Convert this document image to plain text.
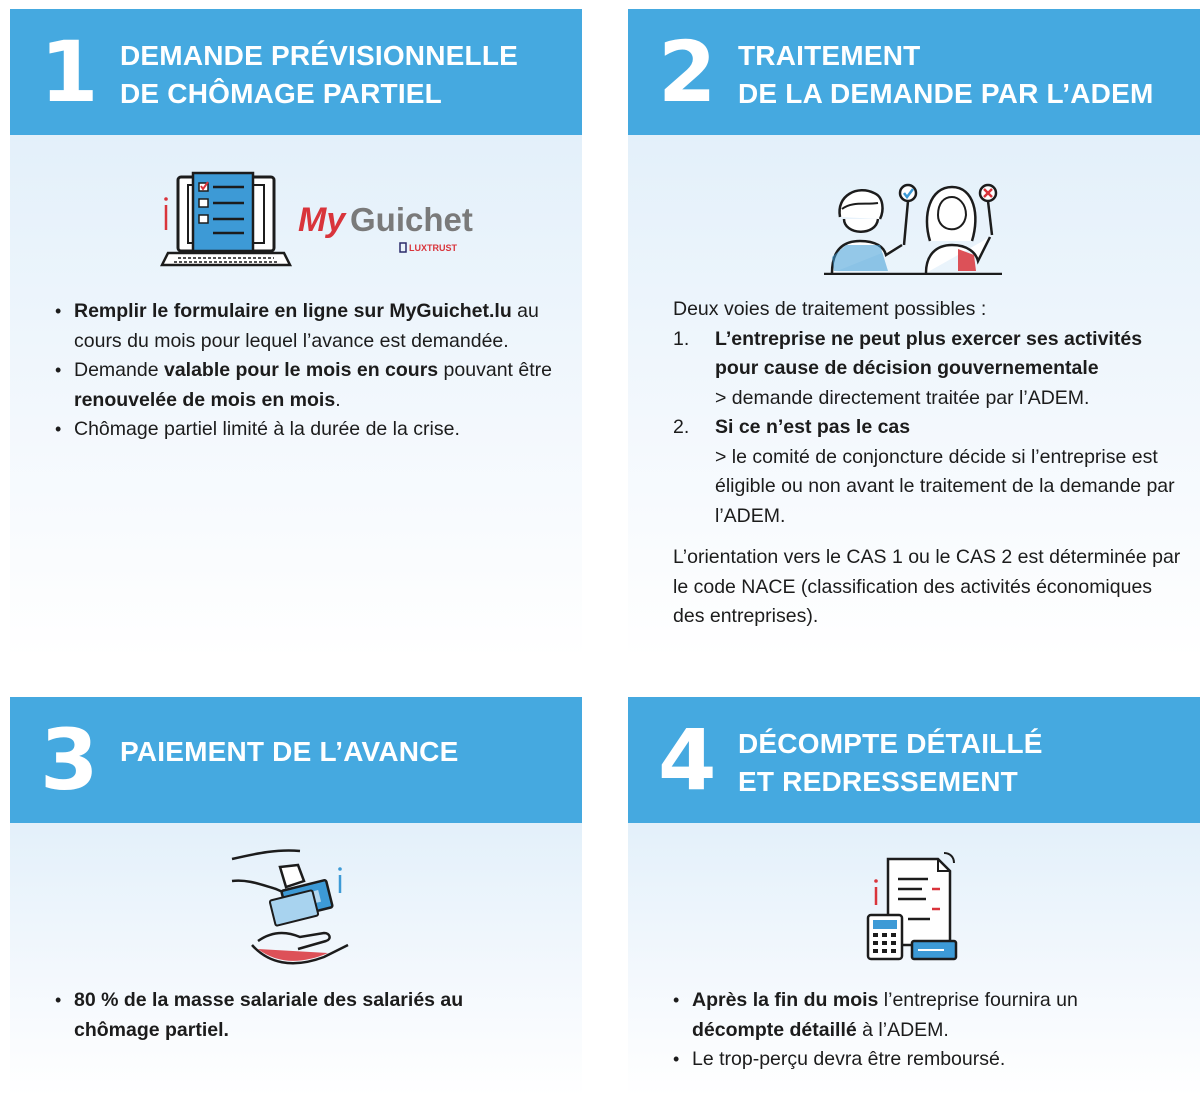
1 DEMANDE PRÉVISIONNELLE
DE CHÔMAGE PARTIEL
My Guichet
LUXTRUST
• Remplir le formulaire en ligne sur MyGuichet.lu au cours du mois pour lequel l’avance est demandée.
• Demande valable pour le mois en cours pouvant être renouvelée de mois en mois.
• Chômage partiel limité à la durée de la crise.
2 TRAITEMENT
DE LA DEMANDE PAR L’ADEM
Deux voies de traitement possibles :
1. L’entreprise ne peut plus exercer ses activités pour cause de décision gouvernementale
> demande directement traitée par l’ADEM.
2. Si ce n’est pas le cas
> le comité de conjoncture décide si l’entreprise est éligible ou non avant le traitement de la demande par l’ADEM.
L’orientation vers le CAS 1 ou le CAS 2 est déterminée par le code NACE (classification des activités économiques des entreprises).
3 PAIEMENT DE L’AVANCE
• 80 % de la masse salariale des salariés au chômage partiel.
4 DÉCOMPTE DÉTAILLÉ
ET REDRESSEMENT
• Après la fin du mois l’entreprise fournira un décompte détaillé à l’ADEM.
• Le trop-perçu devra être remboursé.
